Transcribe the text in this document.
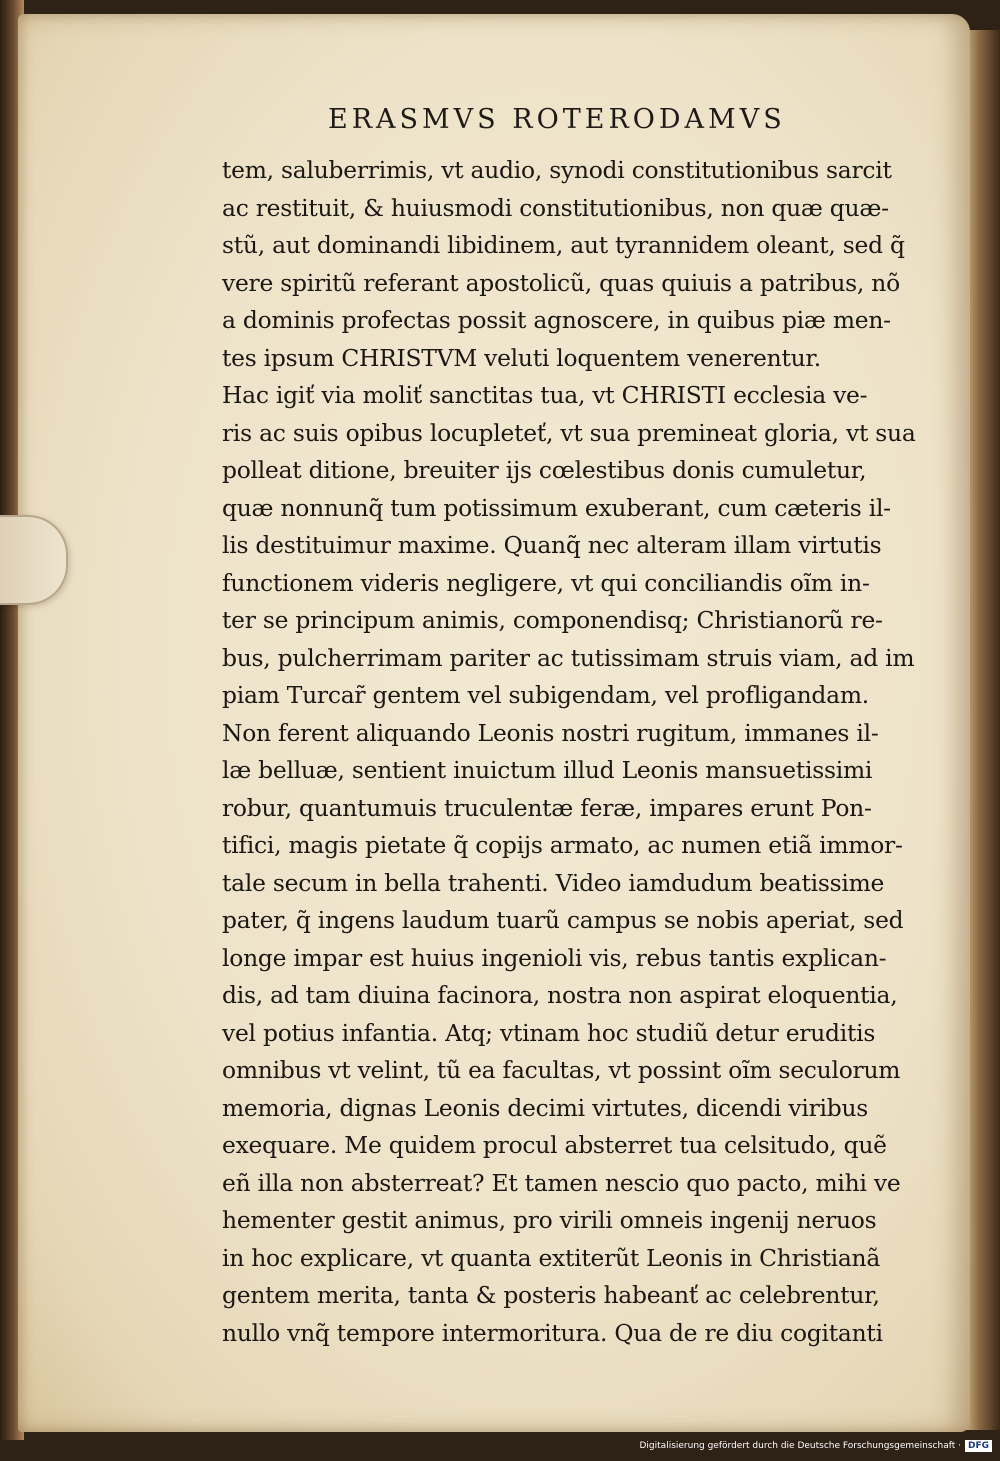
ERASMVS ROTERODAMVS
tem, saluberrimis, vt audio, synodi constitutionibus sarcit
ac restituit, & huiusmodi constitutionibus, non quæ quæ-
stũ, aut dominandi libidinem, aut tyrannidem oleant, sed q̃
vere spiritũ referant apostolicũ, quas quiuis a patribus, nõ
a dominis profectas possit agnoscere, in quibus piæ men-
tes ipsum CHRISTVM veluti loquentem venerentur.
Hac igiť via moliť sanctitas tua, vt CHRISTI ecclesia ve-
ris ac suis opibus locupleteť, vt sua premineat gloria, vt sua
polleat ditione, breuiter ijs cœlestibus donis cumuletur,
quæ nonnunq̃ tum potissimum exuberant, cum cæteris il-
lis destituimur maxime. Quanq̃ nec alteram illam virtutis
functionem videris negligere, vt qui conciliandis oĩm in-
ter se principum animis, componendisq; Christianorũ re-
bus, pulcherrimam pariter ac tutissimam struis viam, ad im
piam Turcar̃ gentem vel subigendam, vel profligandam.
Non ferent aliquando Leonis nostri rugitum, immanes il-
læ belluæ, sentient inuictum illud Leonis mansuetissimi
robur, quantumuis truculentæ feræ, impares erunt Pon-
tifici, magis pietate q̃ copijs armato, ac numen etiã immor-
tale secum in bella trahenti. Video iamdudum beatissime
pater, q̃ ingens laudum tuarũ campus se nobis aperiat, sed
longe impar est huius ingenioli vis, rebus tantis explican-
dis, ad tam diuina facinora, nostra non aspirat eloquentia,
vel potius infantia. Atq; vtinam hoc studiũ detur eruditis
omnibus vt velint, tũ ea facultas, vt possint oĩm seculorum
memoria, dignas Leonis decimi virtutes, dicendi viribus
exequare. Me quidem procul absterret tua celsitudo, quẽ
eñ illa non absterreat? Et tamen nescio quo pacto, mihi ve
hementer gestit animus, pro virili omneis ingenij neruos
in hoc explicare, vt quanta extiterũt Leonis in Christianã
gentem merita, tanta & posteris habeanť ac celebrentur,
nullo vnq̃ tempore intermoritura. Qua de re diu cogitanti
Digitalisierung gefördert durch die Deutsche Forschungsgemeinschaft · DFG
